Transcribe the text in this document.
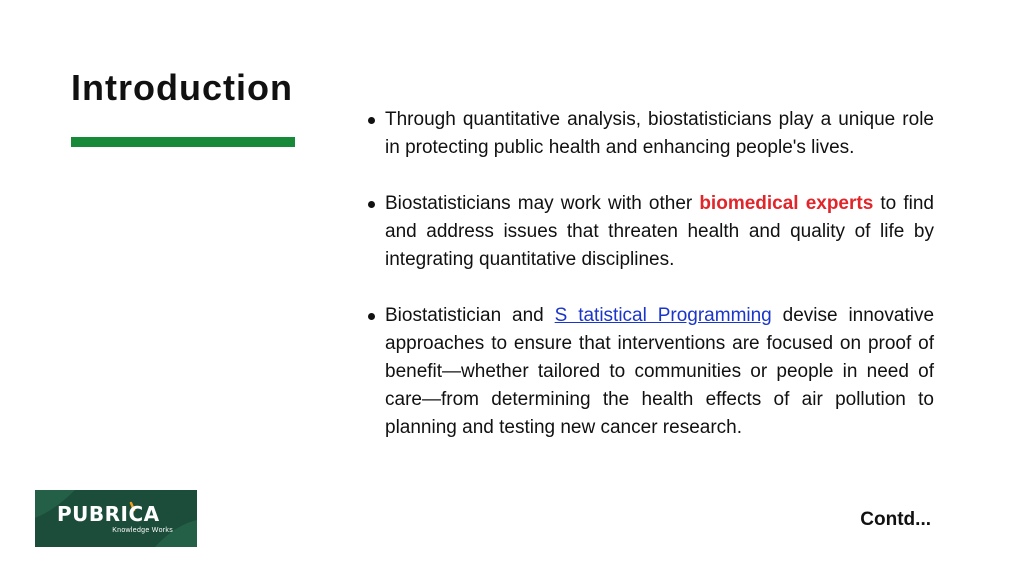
Introduction
Through quantitative analysis, biostatisticians play a unique role in protecting public health and enhancing people's lives.
Biostatisticians may work with other biomedical experts to find and address issues that threaten health and quality of life by integrating quantitative disciplines.
Biostatistician and S tatistical Programming devise innovative approaches to ensure that interventions are focused on proof of benefit—whether tailored to communities or people in need of care—from determining the health effects of air pollution to planning and testing new cancer research.
Contd...
PUBRICA
Knowledge Works
